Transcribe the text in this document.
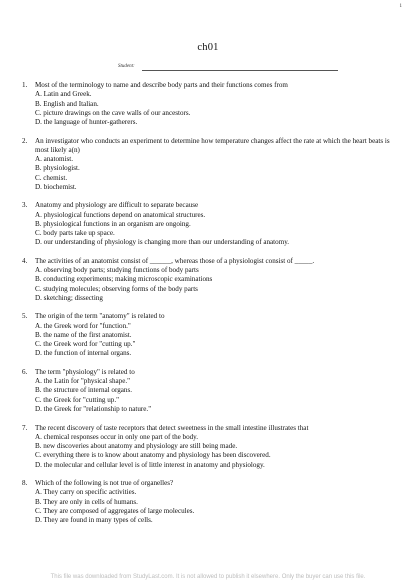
1
ch01
Student:
1.	Most of the terminology to name and describe body parts and their functions comes from
A. Latin and Greek.
B. English and Italian.
C. picture drawings on the cave walls of our ancestors.
D. the language of hunter-gatherers.
2.	An investigator who conducts an experiment to determine how temperature changes affect the rate at which the heart beats is most likely a(n)
A. anatomist.
B. physiologist.
C. chemist.
D. biochemist.
3.	Anatomy and physiology are difficult to separate because
A. physiological functions depend on anatomical structures.
B. physiological functions in an organism are ongoing.
C. body parts take up space.
D. our understanding of physiology is changing more than our understanding of anatomy.
4.	The activities of an anatomist consist of ______, whereas those of a physiologist consist of _____.
A. observing body parts; studying functions of body parts
B. conducting experiments; making microscopic examinations
C. studying molecules; observing forms of the body parts
D. sketching; dissecting
5.	The origin of the term "anatomy" is related to
A. the Greek word for "function."
B. the name of the first anatomist.
C. the Greek word for "cutting up."
D. the function of internal organs.
6.	The term "physiology" is related to
A. the Latin for "physical shape."
B. the structure of internal organs.
C. the Greek for "cutting up."
D. the Greek for "relationship to nature."
7.	The recent discovery of taste receptors that detect sweetness in the small intestine illustrates that
A. chemical responses occur in only one part of the body.
B. new discoveries about anatomy and physiology are still being made.
C. everything there is to know about anatomy and physiology has been discovered.
D. the molecular and cellular level is of little interest in anatomy and physiology.
8.	Which of the following is not true of organelles?
A. They carry on specific activities.
B. They are only in cells of humans.
C. They are composed of aggregates of large molecules.
D. They are found in many types of cells.
This file was downloaded from StudyLast.com. It is not allowed to publish it elsewhere. Only the buyer can use this file.
